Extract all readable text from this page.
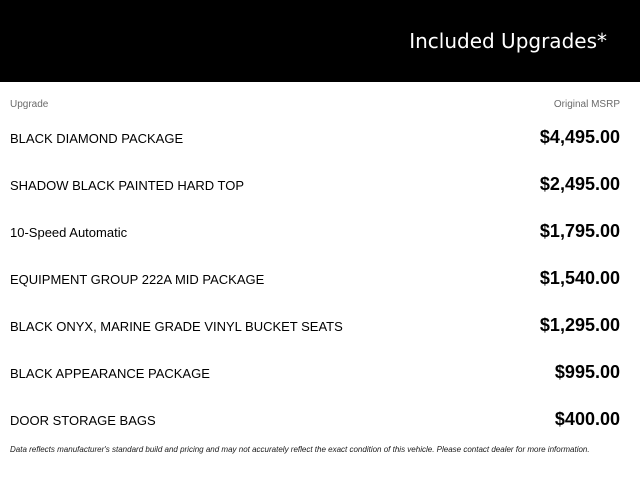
Included Upgrades*
Upgrade	Original MSRP
BLACK DIAMOND PACKAGE	$4,495.00
SHADOW BLACK PAINTED HARD TOP	$2,495.00
10-Speed Automatic	$1,795.00
EQUIPMENT GROUP 222A MID PACKAGE	$1,540.00
BLACK ONYX, MARINE GRADE VINYL BUCKET SEATS	$1,295.00
BLACK APPEARANCE PACKAGE	$995.00
DOOR STORAGE BAGS	$400.00
Data reflects manufacturer's standard build and pricing and may not accurately reflect the exact condition of this vehicle. Please contact dealer for more information.
